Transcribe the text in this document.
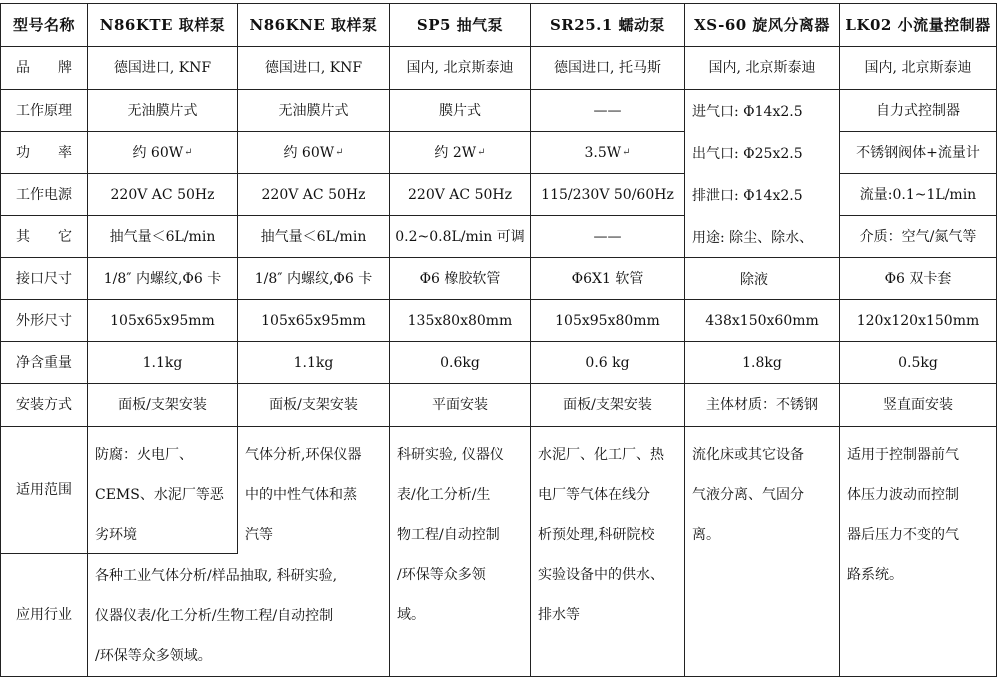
型号名称 N86KTE 取样泵 N86KNE 取样泵	SP5 抽气泵	SR25.1 蠕动泵 XS-60 旋风分离器 LK02 小流量控制器
品　　牌
工作原理
功　　率
工作电源
其　　它
接口尺寸
外形尺寸
净含重量
安装方式
适用范围
应用行业
德国进口, KNF
无油膜片式
约 60W ↵
220V AC 50Hz
抽气量＜6L/min
1/8″ 内螺纹,Φ6 卡
105x65x95mm
1.1kg
面板/支架安装
防腐：火电厂、
CEMS、水泥厂等恶
劣环境
德国进口, KNF
无油膜片式
约 60W ↵
220V AC 50Hz
抽气量＜6L/min
1/8″ 内螺纹,Φ6 卡
105x65x95mm
1.1kg
面板/支架安装
气体分析,环保仪器
中的中性气体和蒸
汽等
各种工业气体分析/样品抽取, 科研实验,
仪器仪表/化工分析/生物工程/自动控制
/环保等众多领域。
国内, 北京斯泰迪
膜片式
约 2W ↵
220V AC 50Hz
0.2~0.8L/min 可调
Φ6 橡胶软管
135x80x80mm
0.6kg
平面安装
科研实验, 仪器仪
表/化工分析/生
物工程/自动控制
/环保等众多领
域。
德国进口, 托马斯
——
3.5W ↵
115/230V 50/60Hz
——
Φ6X1 软管
105x95x80mm
0.6 kg
面板/支架安装
水泥厂、化工厂、热
电厂等气体在线分
析预处理,科研院校
实验设备中的供水、
排水等
国内, 北京斯泰迪
进气口: Φ14x2.5
出气口: Φ25x2.5
排泄口: Φ14x2.5
用途: 除尘、除水、
除液
438x150x60mm
1.8kg
主体材质：不锈钢
流化床或其它设备
气液分离、气固分
离。
国内, 北京斯泰迪
自力式控制器
不锈钢阀体+流量计
流量:0.1~1L/min
介质：空气/氮气等
Φ6 双卡套
120x120x150mm
0.5kg
竖直面安装
适用于控制器前气
体压力波动而控制
器后压力不变的气
路系统。
